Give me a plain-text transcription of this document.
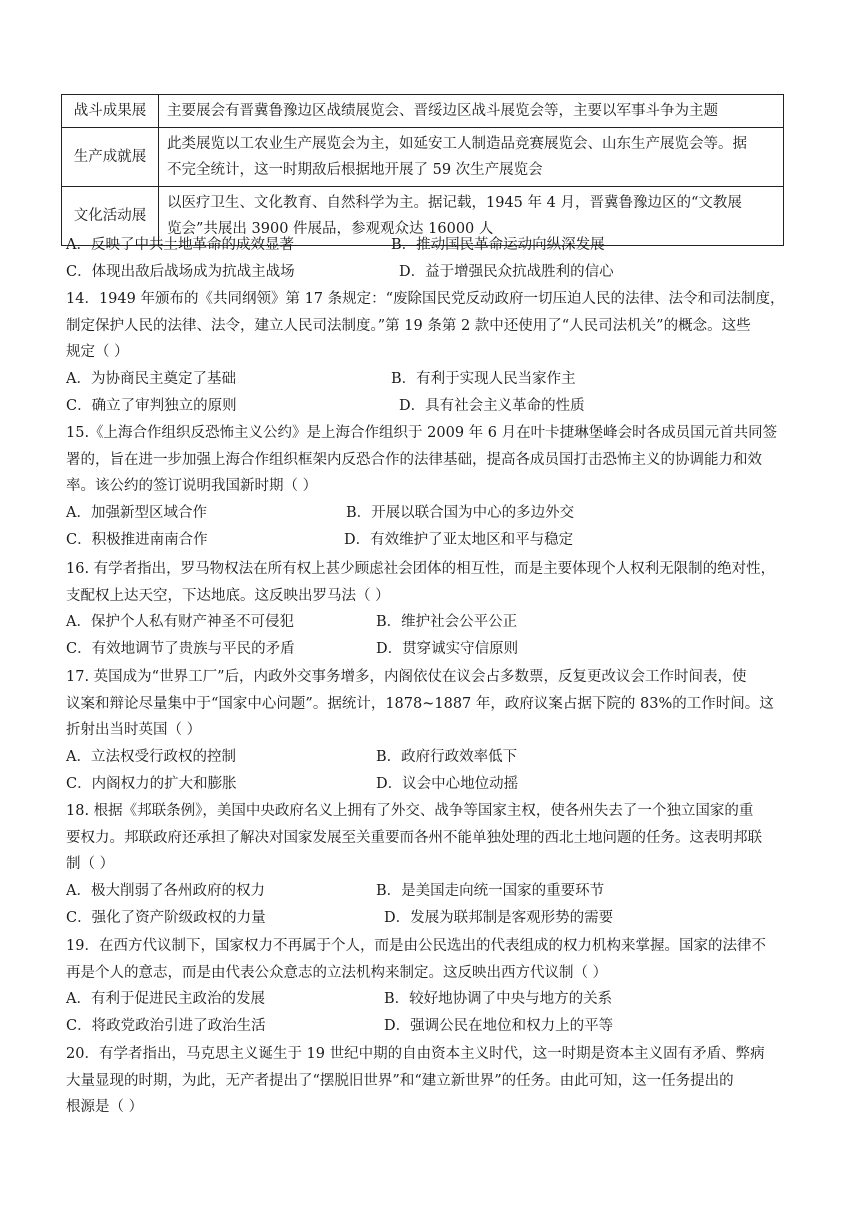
战斗成果展	主要展会有晋冀鲁豫边区战绩展览会、晋绥边区战斗展览会等，主要以军事斗争为主题

生产成就展	此类展览以工农业生产展览会为主，如延安工人制造品竞赛展览会、山东生产展览会等。据
不完全统计，这一时期敌后根据地开展了 59 次生产展览会

文化活动展	以医疗卫生、文化教育、自然科学为主。据记载，1945 年 4 月，晋冀鲁豫边区的“文教展
览会”共展出 3900 件展品，参观观众达 16000 人
A．反映了中共土地革命的成效显著	B．推动国民革命运动向纵深发展
C．体现出敌后战场成为抗战主战场	D．益于增强民众抗战胜利的信心
14．1949 年颁布的《共同纲领》第 17 条规定：“废除国民党反动政府一切压迫人民的法律、法令和司法制度，
制定保护人民的法律、法令，建立人民司法制度。”第 19 条第 2 款中还使用了“人民司法机关”的概念。这些
规定（ ）
A．为协商民主奠定了基础	B．有利于实现人民当家作主
C．确立了审判独立的原则	D．具有社会主义革命的性质
15.《上海合作组织反恐怖主义公约》是上海合作组织于 2009 年 6 月在叶卡捷琳堡峰会时各成员国元首共同签
署的，旨在进一步加强上海合作组织框架内反恐合作的法律基础，提高各成员国打击恐怖主义的协调能力和效
率。该公约的签订说明我国新时期（ ）
A．加强新型区域合作	B．开展以联合国为中心的多边外交
C．积极推进南南合作	D．有效维护了亚太地区和平与稳定
16. 有学者指出，罗马物权法在所有权上甚少顾虑社会团体的相互性，而是主要体现个人权利无限制的绝对性，
支配权上达天空，下达地底。这反映出罗马法（ ）
A．保护个人私有财产神圣不可侵犯	B．维护社会公平公正
C．有效地调节了贵族与平民的矛盾	D．贯穿诚实守信原则
17. 英国成为“世界工厂”后，内政外交事务增多，内阁依仗在议会占多数票，反复更改议会工作时间表，使
议案和辩论尽量集中于“国家中心问题”。据统计，1878~1887 年，政府议案占据下院的 83%的工作时间。这
折射出当时英国（ ）
A．立法权受行政权的控制	B．政府行政效率低下
C．内阁权力的扩大和膨胀	D．议会中心地位动摇
18. 根据《邦联条例》，美国中央政府名义上拥有了外交、战争等国家主权，使各州失去了一个独立国家的重
要权力。邦联政府还承担了解决对国家发展至关重要而各州不能单独处理的西北土地问题的任务。这表明邦联
制（ ）
A．极大削弱了各州政府的权力	B．是美国走向统一国家的重要环节
C．强化了资产阶级政权的力量	D．发展为联邦制是客观形势的需要
19．在西方代议制下，国家权力不再属于个人，而是由公民选出的代表组成的权力机构来掌握。国家的法律不
再是个人的意志，而是由代表公众意志的立法机构来制定。这反映出西方代议制（ ）
A．有利于促进民主政治的发展	B．较好地协调了中央与地方的关系
C．将政党政治引进了政治生活	D．强调公民在地位和权力上的平等
20．有学者指出，马克思主义诞生于 19 世纪中期的自由资本主义时代，这一时期是资本主义固有矛盾、弊病
大量显现的时期，为此，无产者提出了“摆脱旧世界”和“建立新世界”的任务。由此可知，这一任务提出的
根源是（ ）
